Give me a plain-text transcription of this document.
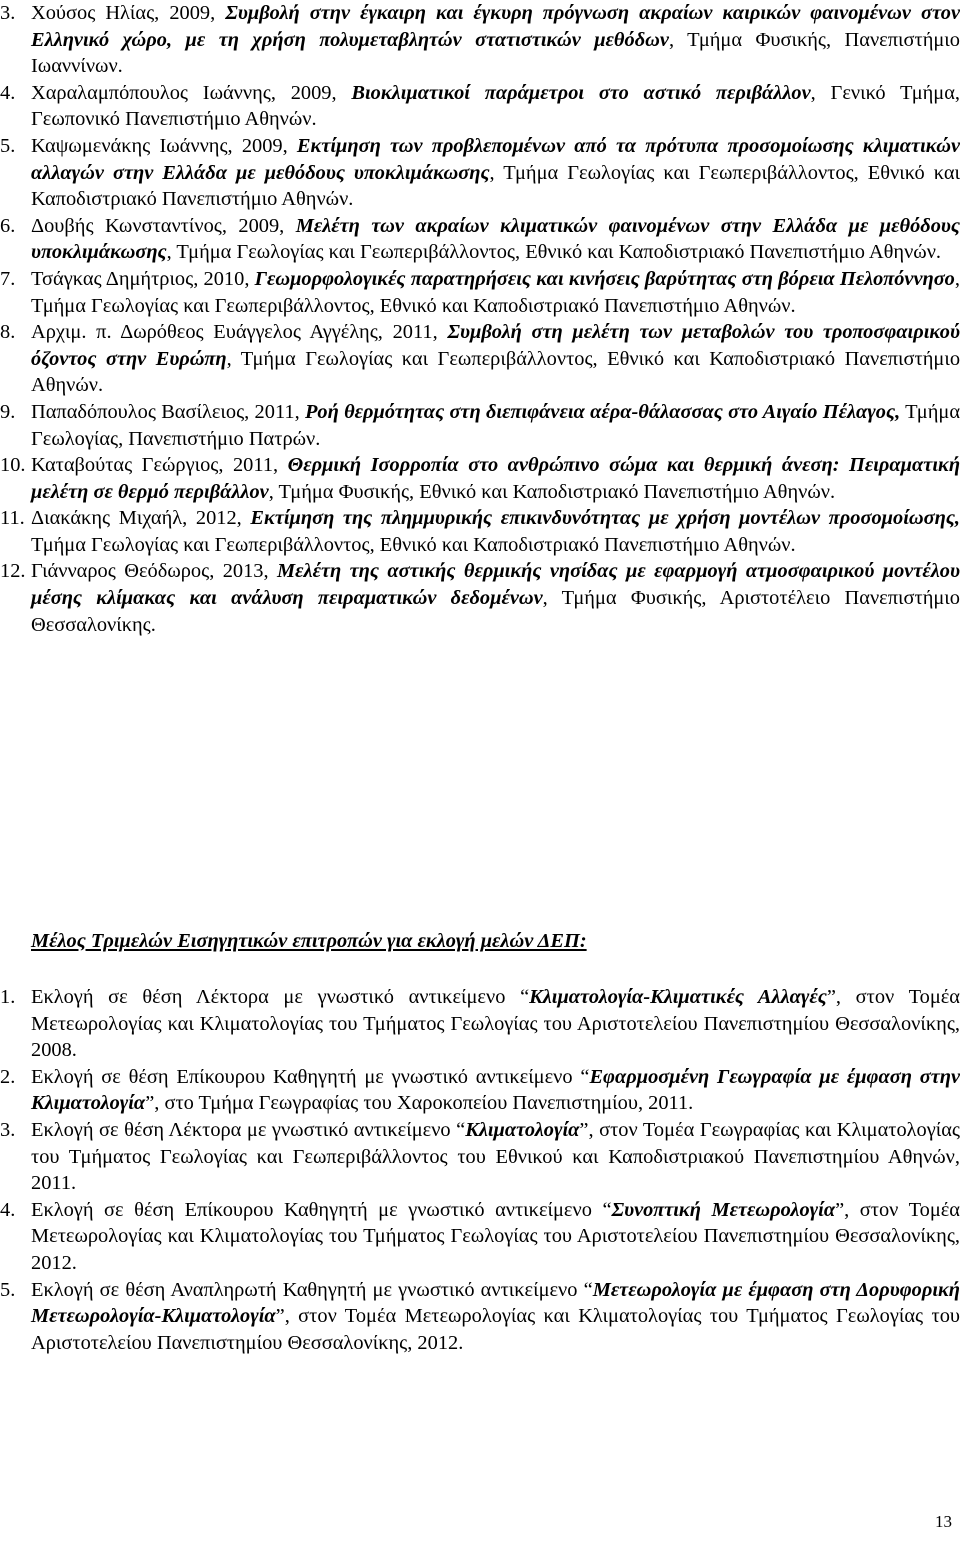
3. Χούσος Ηλίας, 2009, Συμβολή στην έγκαιρη και έγκυρη πρόγνωση ακραίων καιρικών φαινομένων στον Ελληνικό χώρο, με τη χρήση πολυμεταβλητών στατιστικών μεθόδων, Τμήμα Φυσικής, Πανεπιστήμιο Ιωαννίνων.
4. Χαραλαμπόπουλος Ιωάννης, 2009, Βιοκλιματικοί παράμετροι στο αστικό περιβάλλον, Γενικό Τμήμα, Γεωπονικό Πανεπιστήμιο Αθηνών.
5. Καψωμενάκης Ιωάννης, 2009, Εκτίμηση των προβλεπομένων από τα πρότυπα προσομοίωσης κλιματικών αλλαγών στην Ελλάδα με μεθόδους υποκλιμάκωσης, Τμήμα Γεωλογίας και Γεωπεριβάλλοντος, Εθνικό και Καποδιστριακό Πανεπιστήμιο Αθηνών.
6. Δουβής Κωνσταντίνος, 2009, Μελέτη των ακραίων κλιματικών φαινομένων στην Ελλάδα με μεθόδους υποκλιμάκωσης, Τμήμα Γεωλογίας και Γεωπεριβάλλοντος, Εθνικό και Καποδιστριακό Πανεπιστήμιο Αθηνών.
7. Τσάγκας Δημήτριος, 2010, Γεωμορφολογικές παρατηρήσεις και κινήσεις βαρύτητας στη βόρεια Πελοπόννησο, Τμήμα Γεωλογίας και Γεωπεριβάλλοντος, Εθνικό και Καποδιστριακό Πανεπιστήμιο Αθηνών.
8. Αρχιμ. π. Δωρόθεος Ευάγγελος Αγγέλης, 2011, Συμβολή στη μελέτη των μεταβολών του τροποσφαιρικού όζοντος στην Ευρώπη, Τμήμα Γεωλογίας και Γεωπεριβάλλοντος, Εθνικό και Καποδιστριακό Πανεπιστήμιο Αθηνών.
9. Παπαδόπουλος Βασίλειος, 2011, Ροή θερμότητας στη διεπιφάνεια αέρα-θάλασσας στο Αιγαίο Πέλαγος, Τμήμα Γεωλογίας, Πανεπιστήμιο Πατρών.
10. Καταβούτας Γεώργιος, 2011, Θερμική Ισορροπία στο ανθρώπινο σώμα και θερμική άνεση: Πειραματική μελέτη σε θερμό περιβάλλον, Τμήμα Φυσικής, Εθνικό και Καποδιστριακό Πανεπιστήμιο Αθηνών.
11. Διακάκης Μιχαήλ, 2012, Εκτίμηση της πλημμυρικής επικινδυνότητας με χρήση μοντέλων προσομοίωσης, Τμήμα Γεωλογίας και Γεωπεριβάλλοντος, Εθνικό και Καποδιστριακό Πανεπιστήμιο Αθηνών.
12. Γιάνναρος Θεόδωρος, 2013, Μελέτη της αστικής θερμικής νησίδας με εφαρμογή ατμοσφαιρικού μοντέλου μέσης κλίμακας και ανάλυση πειραματικών δεδομένων, Τμήμα Φυσικής, Αριστοτέλειο Πανεπιστήμιο Θεσσαλονίκης.
Μέλος Τριμελών Εισηγητικών επιτροπών για εκλογή μελών ΔΕΠ:
1. Εκλογή σε θέση Λέκτορα με γνωστικό αντικείμενο “Κλιματολογία-Κλιματικές Αλλαγές”, στον Τομέα Μετεωρολογίας και Κλιματολογίας του Τμήματος Γεωλογίας του Αριστοτελείου Πανεπιστημίου Θεσσαλονίκης, 2008.
2. Εκλογή σε θέση Επίκουρου Καθηγητή με γνωστικό αντικείμενο “Εφαρμοσμένη Γεωγραφία με έμφαση στην Κλιματολογία”, στο Τμήμα Γεωγραφίας του Χαροκοπείου Πανεπιστημίου, 2011.
3. Εκλογή σε θέση Λέκτορα με γνωστικό αντικείμενο “Κλιματολογία”, στον Τομέα Γεωγραφίας και Κλιματολογίας του Τμήματος Γεωλογίας και Γεωπεριβάλλοντος του Εθνικού και Καποδιστριακού Πανεπιστημίου Αθηνών, 2011.
4. Εκλογή σε θέση Επίκουρου Καθηγητή με γνωστικό αντικείμενο “Συνοπτική Μετεωρολογία”, στον Τομέα Μετεωρολογίας και Κλιματολογίας του Τμήματος Γεωλογίας του Αριστοτελείου Πανεπιστημίου Θεσσαλονίκης, 2012.
5. Εκλογή σε θέση Αναπληρωτή Καθηγητή με γνωστικό αντικείμενο “Μετεωρολογία με έμφαση στη Δορυφορική Μετεωρολογία-Κλιματολογία”, στον Τομέα Μετεωρολογίας και Κλιματολογίας του Τμήματος Γεωλογίας του Αριστοτελείου Πανεπιστημίου Θεσσαλονίκης, 2012.
13
